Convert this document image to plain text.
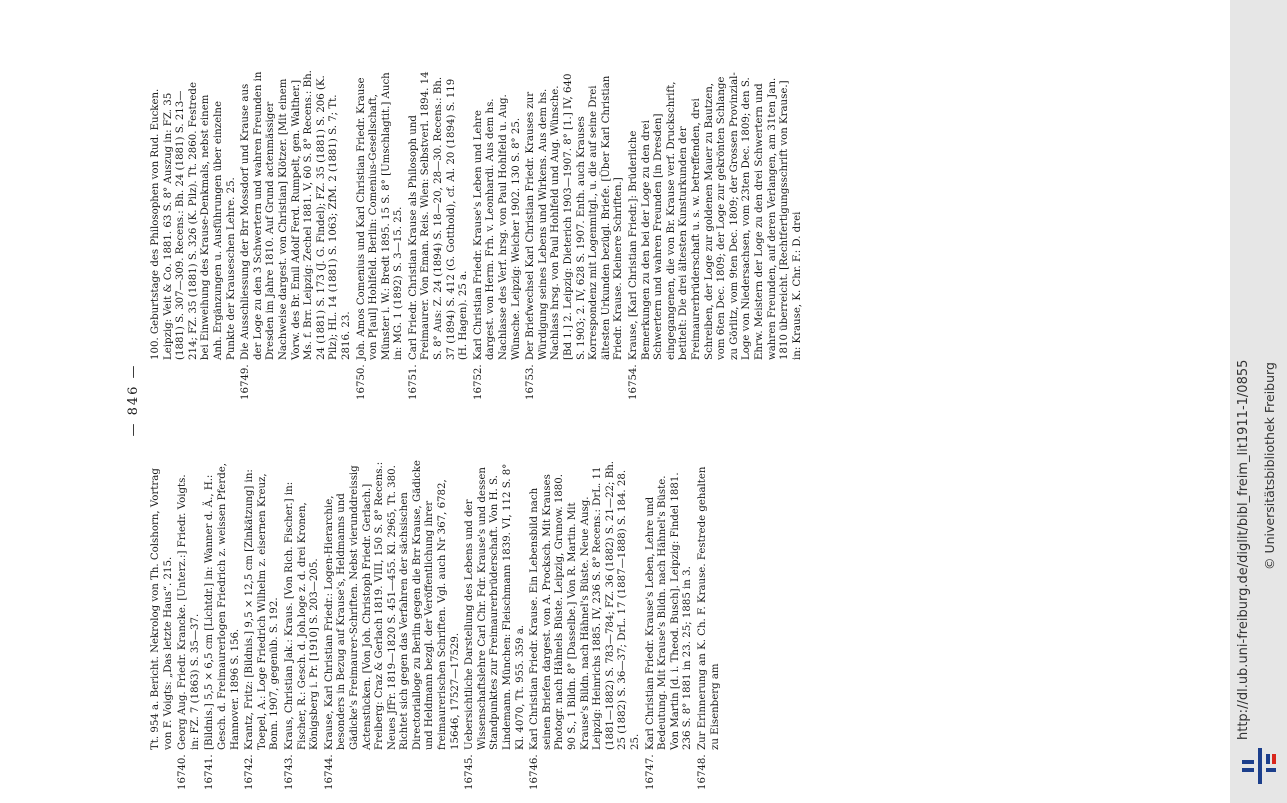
— 846 —
Tt. 954 a. Bericht. Nekrolog von Th. Colshorn, Vortrag von F. Voigts: „Das letzte Haus“. 215.
16740.
Georg Aug. Friedr. Krancke. [Unterz.:] Friedr. Voigts. in: FZ. 7 (1863) S. 35—37.
16741.
[Bildnis.] 5,5 × 6,5 cm [Lichtdr.] in: Wanner d. Ä., H.: Gesch. d. Freimaurerlogen Friedrich z. weissen Pferde, Hannover. 1896 S. 156.
16742.
Krantz, Fritz: [Bildnis.] 9,5 × 12,5 cm [Zinkätzung] in: Toepel, A.: Loge Friedrich Wilhelm z. eisernen Kreuz, Bonn. 1907, gegenüb. S. 192.
16743.
Kraus, Christian Jak.: Kraus. [Von Rich. Fischer.] in: Fischer, R.: Gesch. d. Joh.loge z. d. drei Kronen, Königsberg i. Pr. [1910] S. 203—205.
16744.
Krause, Karl Christian Friedr.: Logen-Hierarchie, besonders in Bezug auf Krause's, Heldmanns und Gädicke's Freimaurer-Schriften. Nebst vierunddreissig Actenstücken. [Von Joh. Christoph Friedr. Gerlach.] Freiberg: Craz & Gerlach 1819. VIII, 150 S. 8° Recens.: Neues JfFr. 1819—1820 S. 451—455. Kl. 2965, Tt. 380. Richtet sich gegen das Verfahren der sächsischen Directorialloge zu Berlin gegen die Brr Krause, Gädicke und Heldmann bezgl. der Veröffentlichung ihrer freimaurerischen Schriften. Vgl. auch Nr 367, 6782, 15646, 17527—17529.
16745.
Uebersichtliche Darstellung des Lebens und der Wissenschaftslehre Carl Chr. Fdr. Krause's und dessen Standpunktes zur Freimaurerbrüderschaft. Von H. S. Lindemann. München: Fleischmann 1839. VI, 112 S. 8° Kl. 4070, Tt. 955. 359 a.
16746.
Karl Christian Friedr. Krause. Ein Lebensbild nach seinen Briefen dargest. von A. Procksch. Mit Krauses Photogr. nach Hähnels Büste. Leipzig, Grunow. 1880. 90 S., 1 Bildn. 8° [Dasselbe.] Von R. Martin. Mit Krause's Bildn. nach Hähnel's Büste. Neue Ausg. Leipzig: Heinrichs 1885. IV, 236 S. 8° Recens.: DrL. 11 (1881—1882) S. 783—784; FZ. 36 (1882) S. 21—22; Bh. 25 (1882) S. 36—37; DrL. 17 (1887—1888) S. 184. 28. 25.
16747.
Karl Christian Friedr. Krause's Leben, Lehre und Bedeutung. Mit Krause's Bildn. nach Hähnel's Büste. Von Martin [d. i. Theod. Busch]. Leipzig: Findel 1881. 236 S. 8° 1881 in 23. 25; 1885 in 3.
16748.
Zur Erinnerung an K. Ch. F. Krause. Festrede gehalten zu Eisenberg am
100. Geburtstage des Philosophen von Rud. Eucken. Leipzig: Veit & Co. 1881. 63 S. 8° Auszug in: FZ. 35 (1881) S. 307—309. Recens.: Bh. 24 (1881) S. 213—214; FZ. 35 (1881) S. 326 (K. Pilz). Tt. 2860. Festrede bei Einweihung des Krause-Denkmals, nebst einem Anh. Ergänzungen u. Ausführungen über einzelne Punkte der Krauseschen Lehre. 25.
16749.
Die Ausschliessung der Brr Mossdorf und Krause aus der Loge zu den 3 Schwertern und wahren Freunden in Dresden im Jahre 1810. Auf Grund actenmässiger Nachweise dargest. von Christian] Klötzer. [Mit einem Vorw. des Br. Emil Adolf Ferd. Rumpelt, gen. Walther.] Ms. f. Brr. Leipzig: Zechel 1881. V, 60 S. 8° Recens.: Bh. 24 (1881) S. 173 (J. G. Findel); FZ. 35 (1881) S. 206 (K. Pilz); HL. 14 (1881) S. 1063; ZfM. 2 (1881) S. 7; Tt. 2816. 23.
16750.
Joh. Amos Comenius und Karl Christian Friedr. Krause von P[aul] Hohlfeld. Berlin: Comenius-Gesellschaft, Münster i. W.: Bredt 1895. 15 S. 8° [Umschlagtit.] Auch in: MG. 1 (1892) S. 3—15. 25.
16751.
Carl Friedr. Christian Krause als Philosoph und Freimaurer. Von Eman. Reis. Wien: Selbstverl. 1894. 14 S. 8° Aus: Z. 24 (1894) S. 18—20, 28—30. Recens.: Bh. 37 (1894) S. 412 (G. Gotthold), cf. Al. 20 (1894) S. 119 (H. Hagen). 25 a.
16752.
Karl Christian Friedr. Krause's Leben und Lehre dargest. von Herm. Frh. v. Leonhardi. Aus dem hs. Nachlasse des Verf. hrsg. von Paul Hohlfeld u. Aug. Wünsche. Leipzig: Weicher 1902. 130 S. 8° 25.
16753.
Der Briefwechsel Karl Christian Friedr. Krauses zur Würdigung seines Lebens und Wirkens. Aus dem hs. Nachlass hrsg. von Paul Hohlfeld und Aug. Wünsche. [Bd 1.] 2. Leipzig: Dieterich 1903—1907. 8° [1.] IV, 640 S. 1903; 2. IV, 628 S. 1907. Enth. auch Krauses Korrespondenz mit Logenmitgl., u. die auf seine Drei ältesten Urkunden bezügl. Briefe. [Über Karl Christian Friedr. Krause. Kleinere Schriften.]
16754.
Krause, [Karl Christian Friedr.]: Brüderliche Bemerkungen zu den bei der Loge zu den drei Schwertern und wahren Freunden [in Dresden] eingegangenen, die von Br. Krause verf. Druckschrift, betitelt: Die drei ältesten Kunsturkunden der Freimaurerbrüderschaft u. s. w. betreffenden, drei Schreiben, der Loge zur goldenen Mauer zu Bautzen, vom 6ten Dec. 1809; der Loge zur gekrönten Schlange zu Görlitz, vom 9ten Dec. 1809; der Grossen Provinzial-Loge von Niedersachsen, vom 23ten Dec. 1809; den S. Ehrw. Meistern der Loge zu den drei Schwertern und wahren Freunden, auf deren Verlangen, am 31ten Jan. 1810 überreicht. [Rechtfertigungsschrift von Krause.] in: Krause, K. Chr. F.: D. drei
http://dl.ub.uni-freiburg.de/diglit/bibl_freim_lit1911-1/0855 © Universitätsbibliothek Freiburg
